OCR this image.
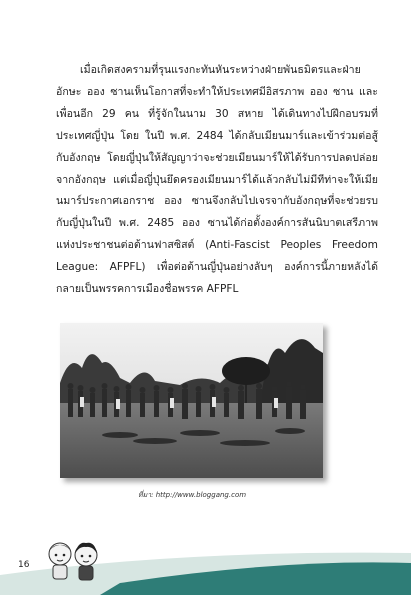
เมื่อเกิดสงครามที่รุนแรงกะทันหันระหว่างฝ่ายพันธมิตรและฝ่ายอักษะ ออง ซานเห็นโอกาสที่จะทำให้ประเทศมีอิสรภาพ ออง ซาน และเพื่อนอีก 29 คน ที่รู้จักในนาม 30 สหาย ได้เดินทางไปฝึกอบรมที่ประเทศญี่ปุ่น โดย ในปี พ.ศ. 2484 ได้กลับเมียนมาร์และเข้าร่วมต่อสู้กับอังกฤษ โดยญี่ปุ่นให้สัญญาว่าจะช่วยเมียนมาร์ให้ได้รับการปลดปล่อยจากอังกฤษ แต่เมื่อญี่ปุ่นยึดครองเมียนมาร์ได้แล้วกลับไม่มีทีท่าจะให้เมียนมาร์ประกาศเอกราช ออง ซานจึงกลับไปเจรจากับอังกฤษที่จะช่วยรบกับญี่ปุ่นในปี พ.ศ. 2485 ออง ซานได้ก่อตั้งองค์การสันนิบาตเสรีภาพแห่งประชาชนต่อต้านฟาสซิสต์ (Anti-Fascist Peoples Freedom League: AFPFL) เพื่อต่อต้านญี่ปุ่นอย่างลับๆ องค์การนี้ภายหลังได้กลายเป็นพรรคการเมืองชื่อพรรค AFPFL

ที่มา: http://www.bloggang.com
16
